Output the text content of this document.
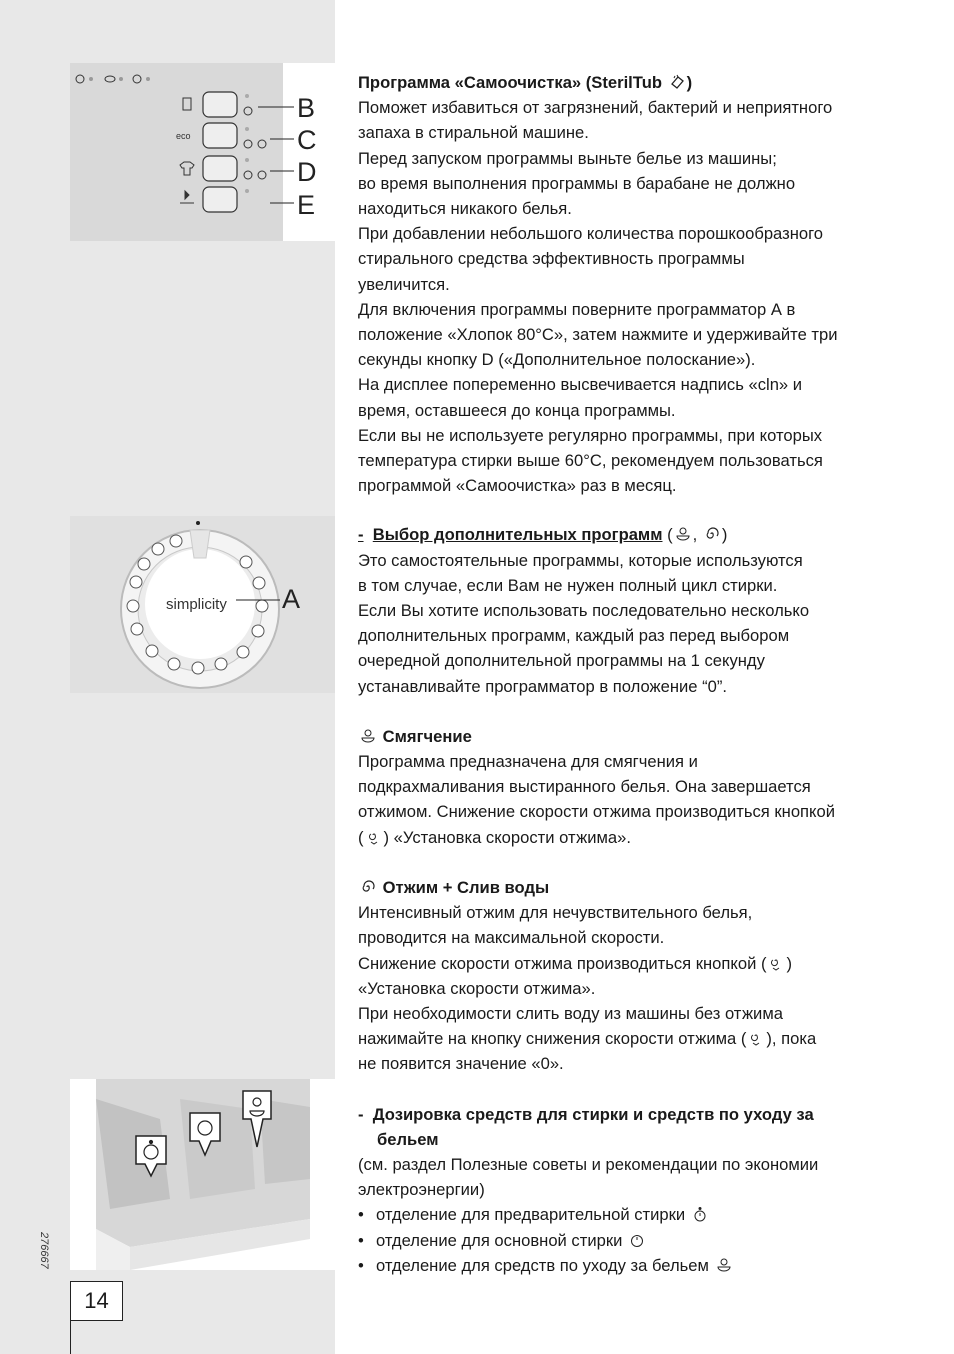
eco
B
C
D
E
simplicity A
276667
14

Программа «Самоочистка» (SterilTub )

Поможет избавиться от загрязнений, бактерий и неприятного

запаха в стиральной машине.

Перед запуском программы выньте белье из машины;

во время выполнения программы в барабане не должно

находиться никакого белья.

При добавлении небольшого количества порошкообразного

стирального средства эффективность программы

увеличится.

Для включения программы поверните программатор А в

положение «Хлопок 80°С», затем нажмите и удерживайте три

секунды кнопку D («Дополнительное полоскание»).

На дисплее попеременно высвечивается надпись «cln» и

время, оставшееся до конца программы.

Если вы не используете регулярно программы, при которых

температура стирки выше 60°С, рекомендуем пользоваться

программой «Самоочистка» раз в месяц.

- Выбор дополнительных программ ( , )

Это самостоятельные программы, которые используются

в том случае, если Вам не нужен полный цикл стирки.

Если Вы хотите использовать последовательно несколько

дополнительных программ, каждый раз перед выбором

очередной дополнительной программы на 1 секунду

устанавливайте программатор в положение “0”.

Смягчение

Программа предназначена для смягчения и

подкрахмаливания выстиранного белья. Она завершается

отжимом. Снижение скорости отжима производиться кнопкой

( ) «Установка скорости отжима».

Отжим + Слив воды

Интенсивный отжим для нечувствительного белья,

проводится на максимальной скорости.

Снижение скорости отжима производиться кнопкой ( )

«Установка скорости отжима».

При необходимости слить воду из машины без отжима

нажимайте на кнопку снижения скорости отжима ( ), пока

не появится значение «0».

- Дозировка средств для стирки и средств по уходу за

бельем

(см. раздел Полезные советы и рекомендации по экономии

электроэнергии)

• отделение для предварительной стирки
• отделение для основной стирки
• отделение для средств по уходу за бельем
